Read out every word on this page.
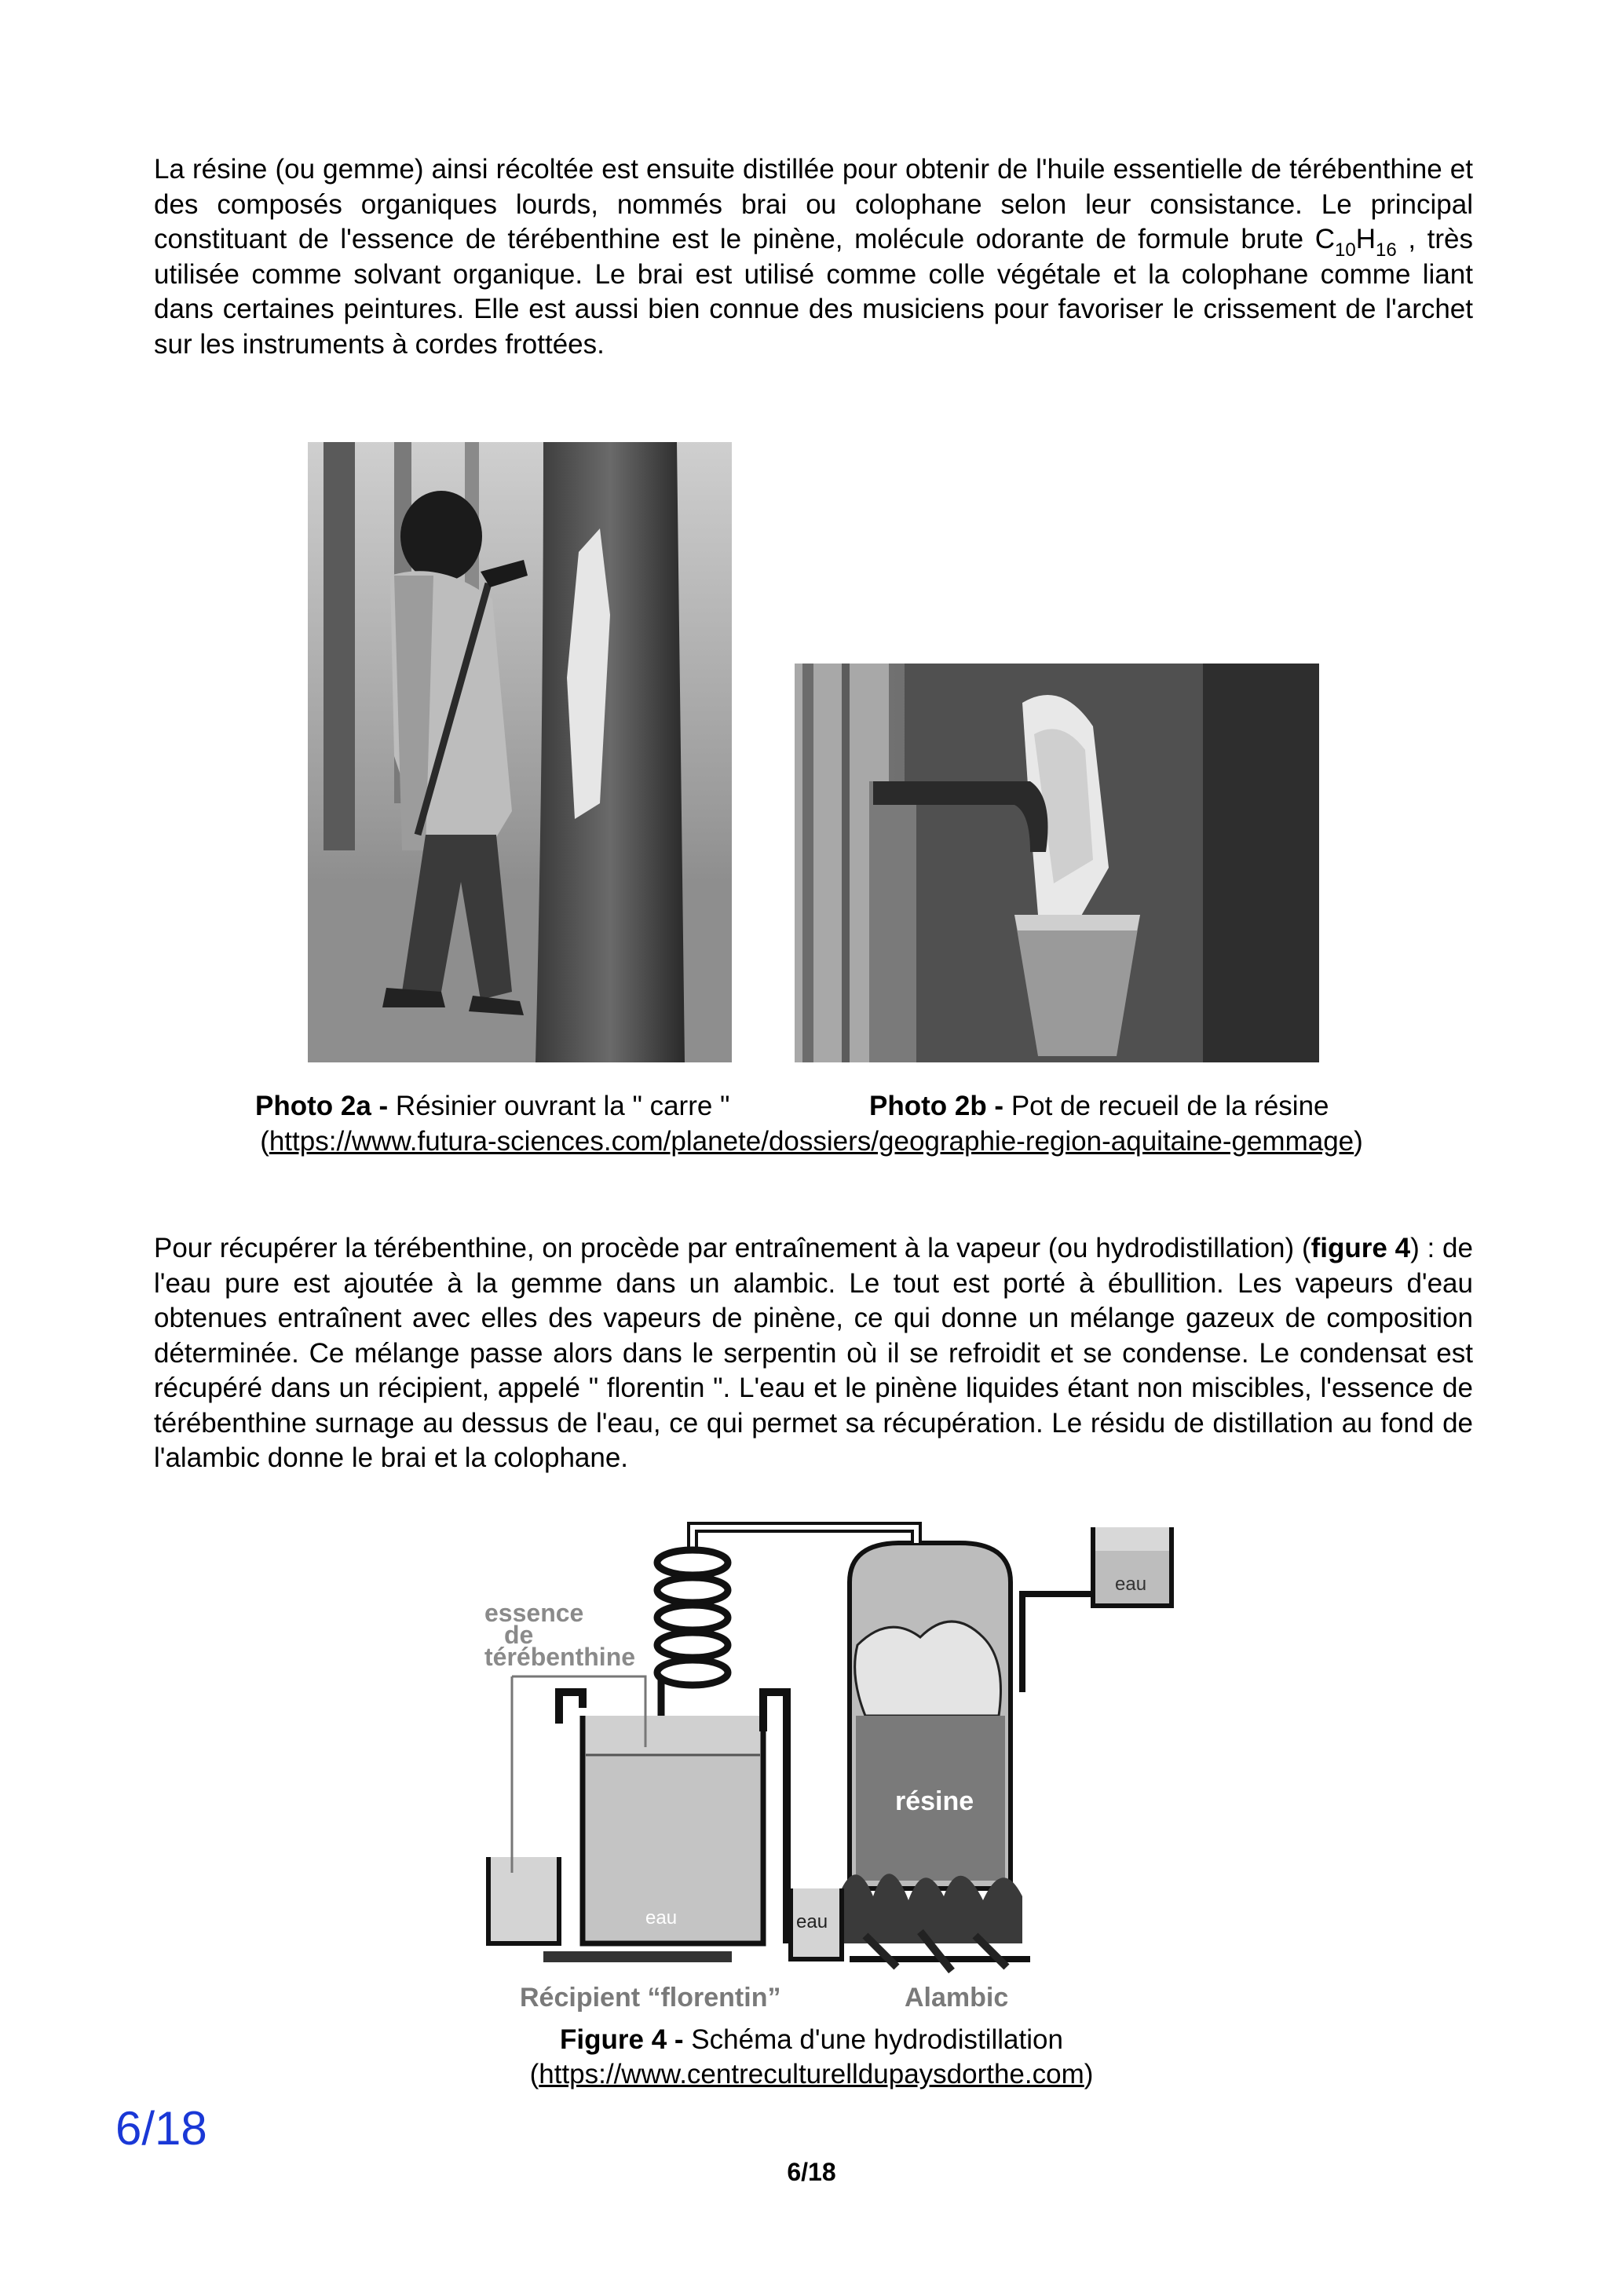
La résine (ou gemme) ainsi récoltée est ensuite distillée pour obtenir de l'huile essentielle de térébenthine et des composés organiques lourds, nommés brai ou colophane selon leur consistance. Le principal constituant de l'essence de térébenthine est le pinène, molécule odorante de formule brute $C_{10}H_{16}$ , très utilisée comme solvant organique. Le brai est utilisé comme colle végétale et la colophane comme liant dans certaines peintures. Elle est aussi bien connue des musiciens pour favoriser le crissement de l'archet sur les instruments à cordes frottées.

Photo 2a - Résinier ouvrant la " carre "	Photo 2b - Pot de recueil de la résine

(https://www.futura-sciences.com/planete/dossiers/geographie-region-aquitaine-gemmage)

Pour récupérer la térébenthine, on procède par entraînement à la vapeur (ou hydrodistillation) (figure 4) : de l'eau pure est ajoutée à la gemme dans un alambic. Le tout est porté à ébullition. Les vapeurs d'eau obtenues entraînent avec elles des vapeurs de pinène, ce qui donne un mélange gazeux de composition déterminée. Ce mélange passe alors dans le serpentin où il se refroidit et se condense. Le condensat est récupéré dans un récipient, appelé " florentin ". L'eau et le pinène liquides étant non miscibles, l'essence de térébenthine surnage au dessus de l'eau, ce qui permet sa récupération. Le résidu de distillation au fond de l'alambic donne le brai et la colophane.

essence
de
térébenthine
eau
eau	eau
résine
Récipient “florentin”	Alambic

Figure 4 - Schéma d'une hydrodistillation

(https://www.centreculturelldupaysdorthe.com)

6/18
6/18
